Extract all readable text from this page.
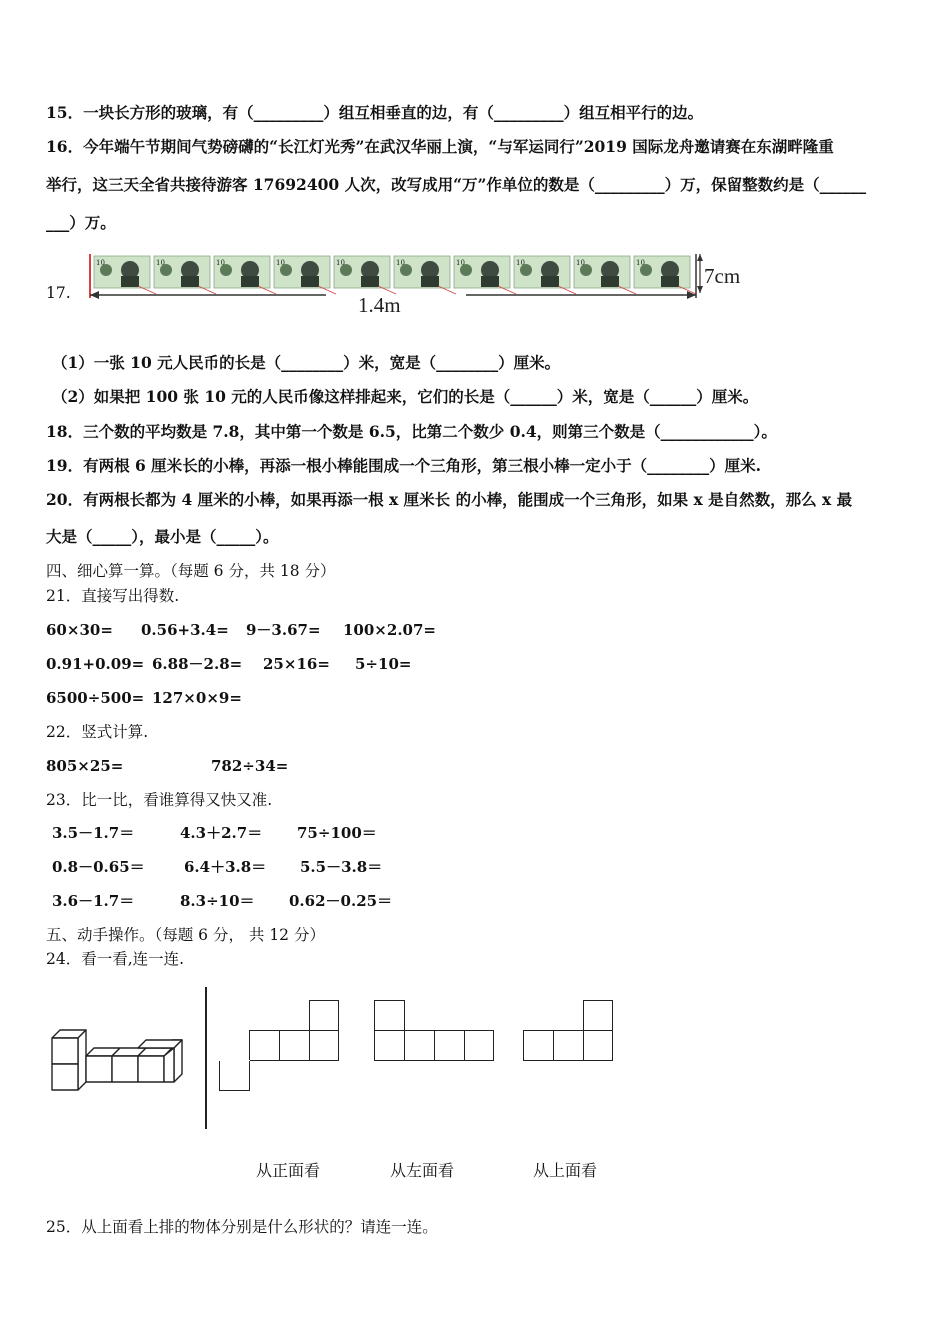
15．一块长方形的玻璃，有（_________）组互相垂直的边，有（_________）组互相平行的边。
16．今年端午节期间气势磅礴的“长江灯光秀”在武汉华丽上演，“与军运同行”2019 国际龙舟邀请赛在东湖畔隆重
举行，这三天全省共接待游客 17692400 人次，改写成用“万”作单位的数是（_________）万，保留整数约是（______
___）万。
17.
10	10	10	10	10	10	10	10	10	10
7cm
1.4m
（1）一张 10 元人民币的长是（________）米，宽是（________）厘米。
（2）如果把 100 张 10 元的人民币像这样排起来，它们的长是（______）米，宽是（______）厘米。
18．三个数的平均数是 7.8，其中第一个数是 6.5，比第二个数少 0.4，则第三个数是（____________）。
19．有两根 6 厘米长的小棒，再添一根小棒能围成一个三角形，第三根小棒一定小于（________）厘米.
20．有两根长都为 4 厘米的小棒，如果再添一根 x 厘米长 的小棒，能围成一个三角形，如果 x 是自然数，那么 x 最
大是（_____），最小是（_____）。
四、细心算一算。（每题 6 分，共 18 分）
21．直接写出得数.
60×30= 0.56+3.4= 9－3.67= 100×2.07=
0.91+0.09= 6.88－2.8= 25×16= 5÷10=
6500÷500= 127×0×9=
22．竖式计算.
805×25=	782÷34=
23．比一比，看谁算得又快又准.
3.5－1.7＝	4.3＋2.7＝ 75÷100＝
0.8－0.65＝	6.4＋3.8＝ 5.5－3.8＝
3.6－1.7＝	8.3÷10＝ 0.62－0.25＝
五、动手操作。（每题 6 分， 共 12 分）
24．看一看,连一连.
从正面看	从左面看	从上面看
25．从上面看上排的物体分别是什么形状的？请连一连。
